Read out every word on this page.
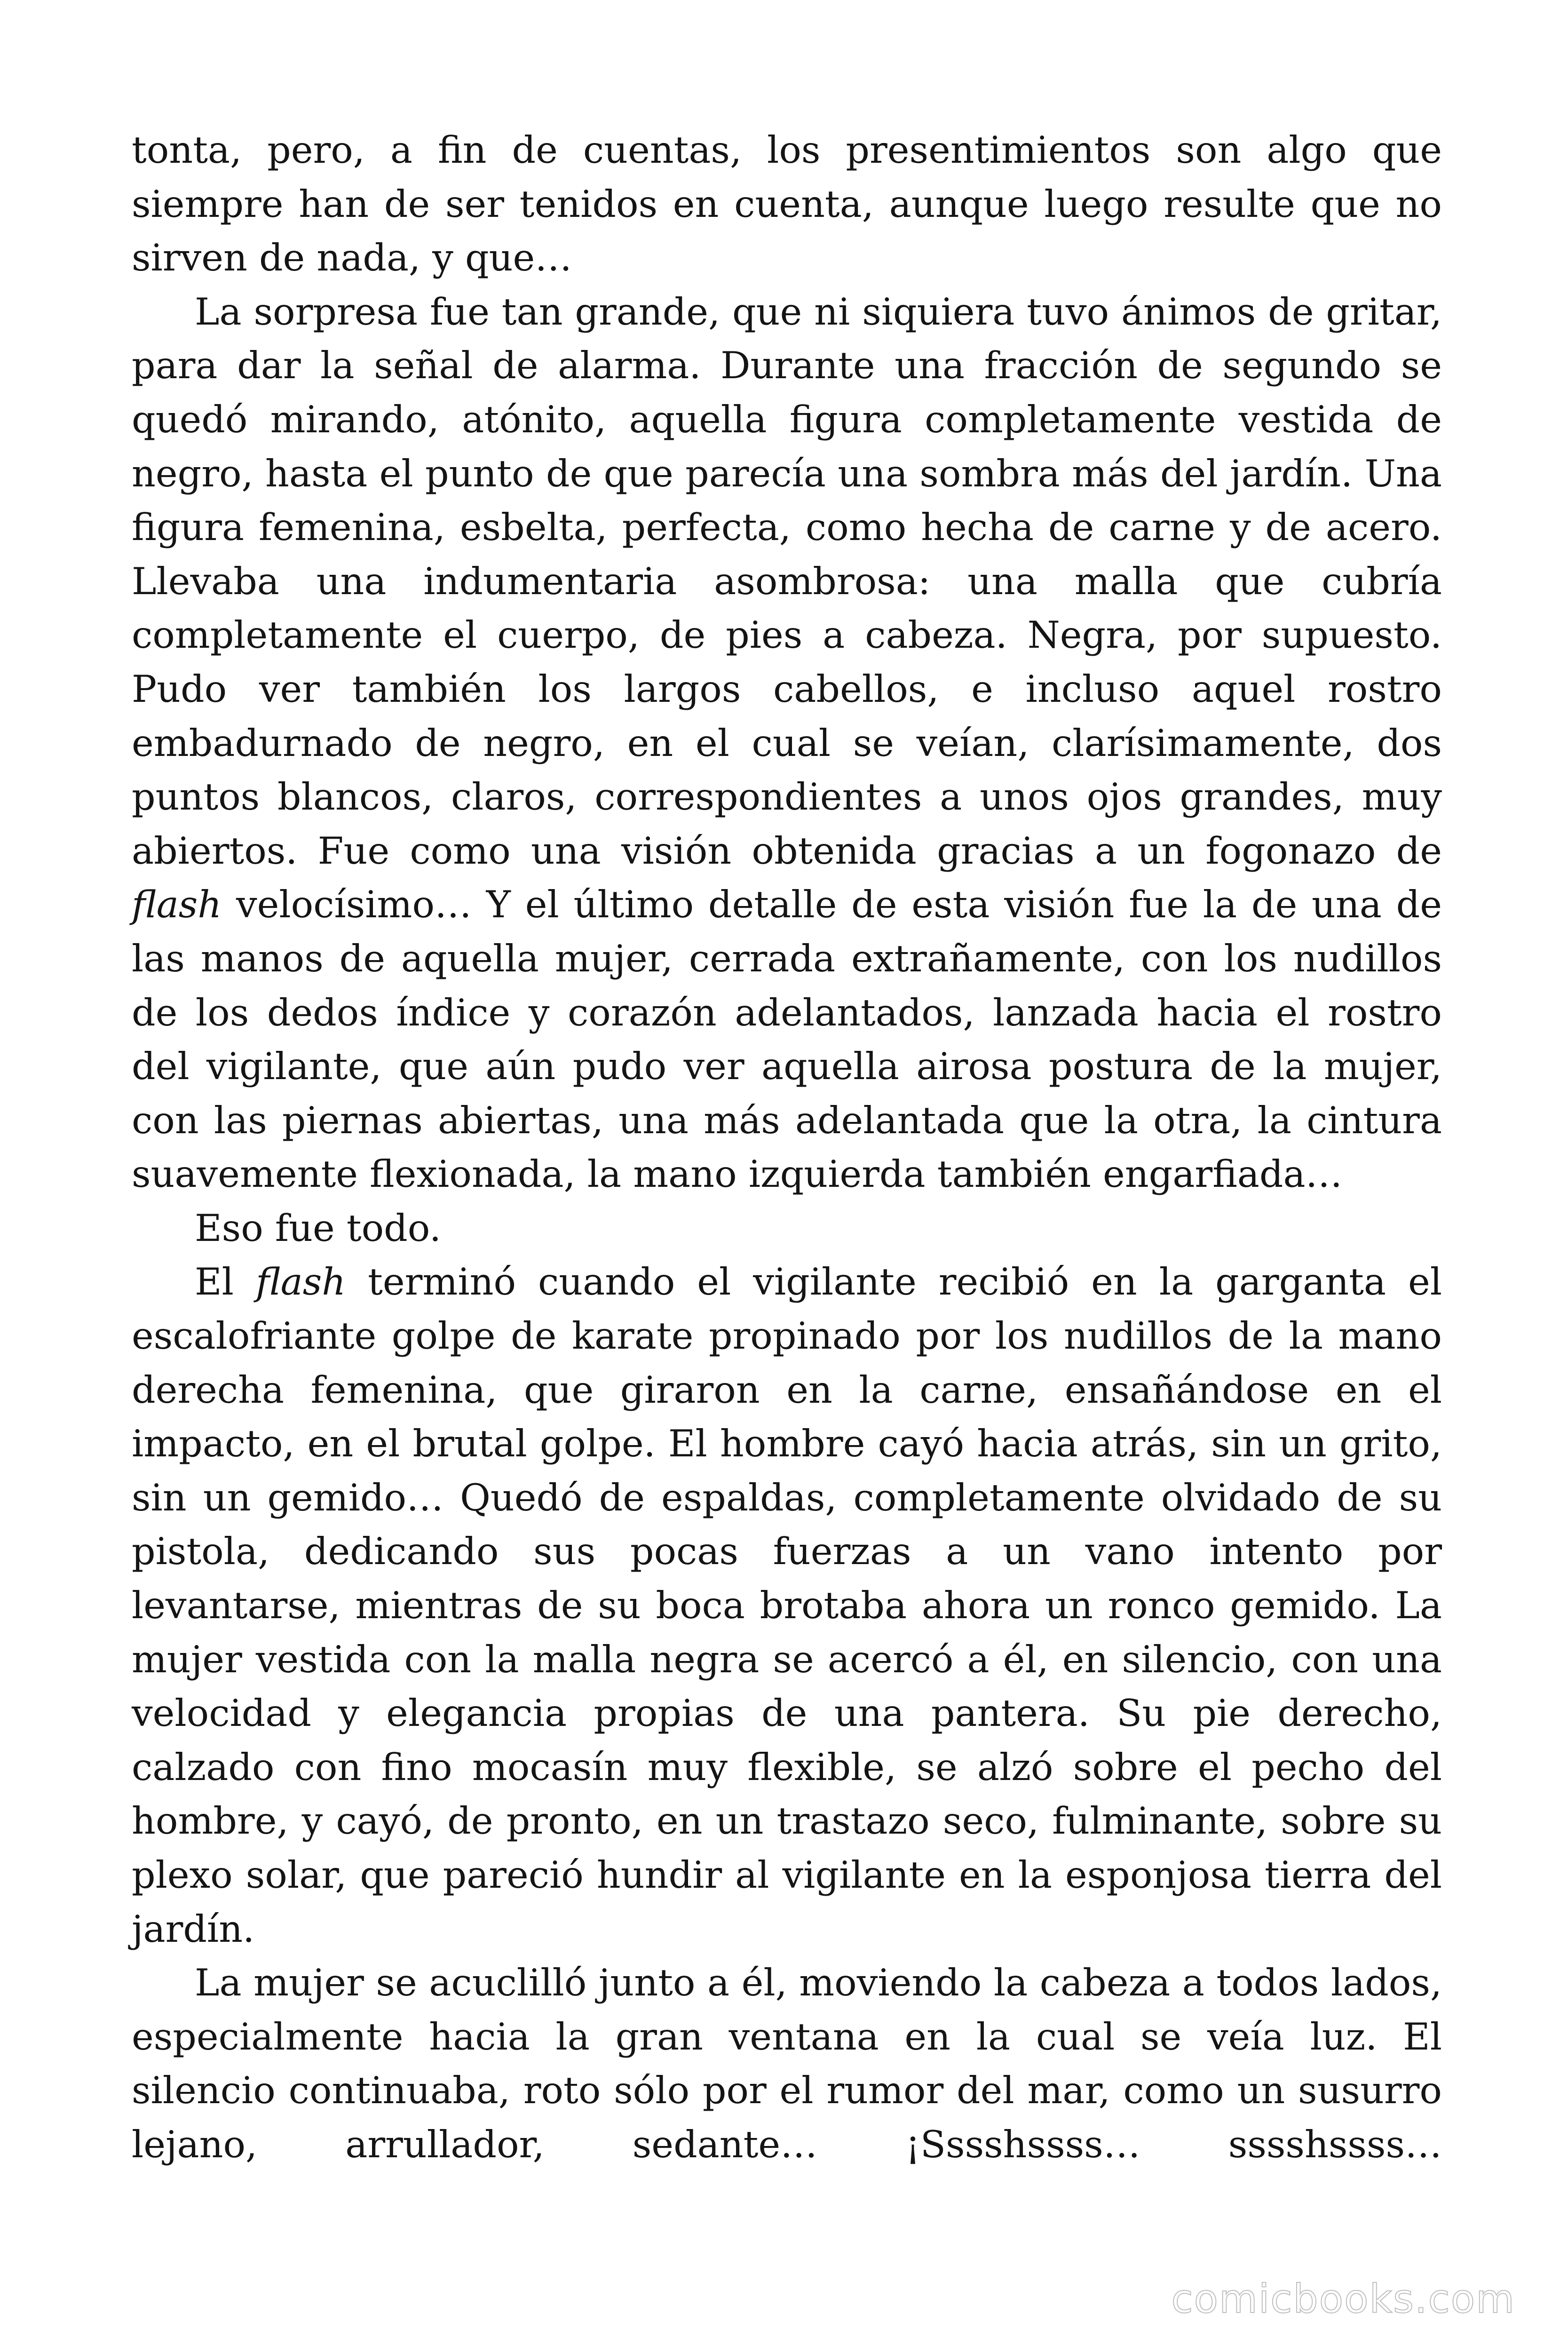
tonta, pero, a fin de cuentas, los presentimientos son algo que siempre han de ser tenidos en cuenta, aunque luego resulte que no sirven de nada, y que…

La sorpresa fue tan grande, que ni siquiera tuvo ánimos de gritar, para dar la señal de alarma. Durante una fracción de segundo se quedó mirando, atónito, aquella figura completamente vestida de negro, hasta el punto de que parecía una sombra más del jardín. Una figura femenina, esbelta, perfecta, como hecha de carne y de acero. Llevaba una indumentaria asombrosa: una malla que cubría completamente el cuerpo, de pies a cabeza. Negra, por supuesto. Pudo ver también los largos cabellos, e incluso aquel rostro embadurnado de negro, en el cual se veían, clarísimamente, dos puntos blancos, claros, correspondientes a unos ojos grandes, muy abiertos. Fue como una visión obtenida gracias a un fogonazo de flash velocísimo… Y el último detalle de esta visión fue la de una de las manos de aquella mujer, cerrada extrañamente, con los nudillos de los dedos índice y corazón adelantados, lanzada hacia el rostro del vigilante, que aún pudo ver aquella airosa postura de la mujer, con las piernas abiertas, una más adelantada que la otra, la cintura suavemente flexionada, la mano izquierda también engarfiada…

Eso fue todo.

El flash terminó cuando el vigilante recibió en la garganta el escalofriante golpe de karate propinado por los nudillos de la mano derecha femenina, que giraron en la carne, ensañándose en el impacto, en el brutal golpe. El hombre cayó hacia atrás, sin un grito, sin un gemido… Quedó de espaldas, completamente olvidado de su pistola, dedicando sus pocas fuerzas a un vano intento por levantarse, mientras de su boca brotaba ahora un ronco gemido. La mujer vestida con la malla negra se acercó a él, en silencio, con una velocidad y elegancia propias de una pantera. Su pie derecho, calzado con fino mocasín muy flexible, se alzó sobre el pecho del hombre, y cayó, de pronto, en un trastazo seco, fulminante, sobre su plexo solar, que pareció hundir al vigilante en la esponjosa tierra del jardín.

La mujer se acuclilló junto a él, moviendo la cabeza a todos lados, especialmente hacia la gran ventana en la cual se veía luz. El silencio continuaba, roto sólo por el rumor del mar, como un susurro lejano, arrullador, sedante… ¡Sssshssss… sssshssss…

comicbooks.com
